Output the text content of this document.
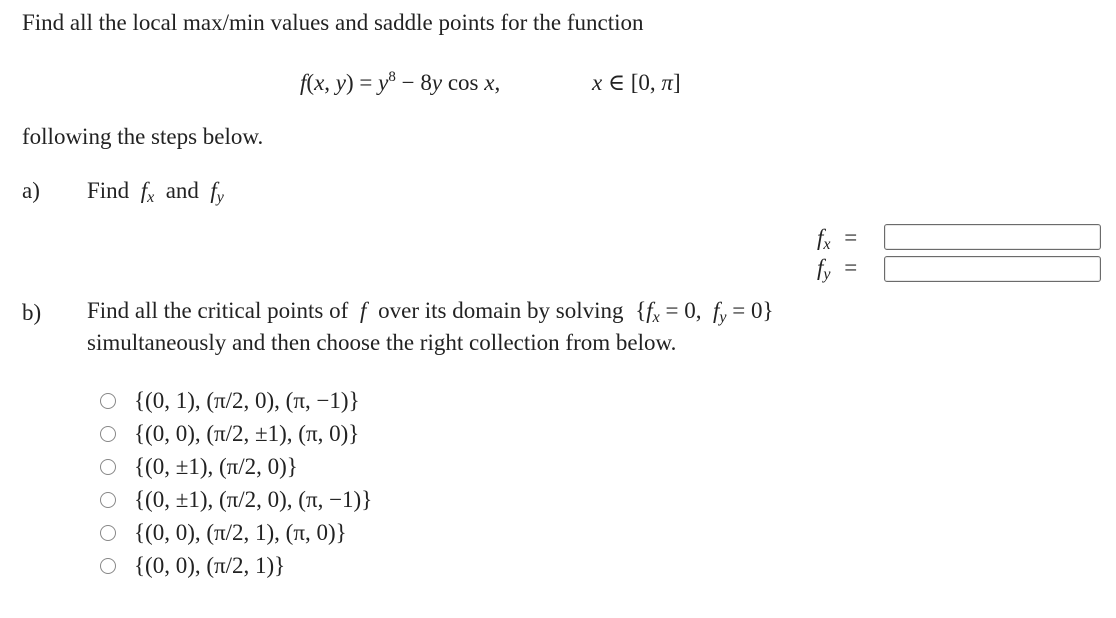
Find all the local max/min values and saddle points for the function
f(x, $y) = y^8 - 8y$ cos x,	x ∈ [0, π]
following the steps below.
a) Find $f_x$ and $f_y$
$f_x$ =
$f_y$ =
b) Find all the critical points of f over its domain by solving {$f_x = 0$,  $f_y = 0$}
simultaneously and then choose the right collection from below.
{(0, 1), (π/2, 0), (π, −1)}
{(0, 0), (π/2, ±1), (π, 0)}
{(0, ±1), (π/2, 0)}
{(0, ±1), (π/2, 0), (π, −1)}
{(0, 0), (π/2, 1), (π, 0)}
{(0, 0), (π/2, 1)}
